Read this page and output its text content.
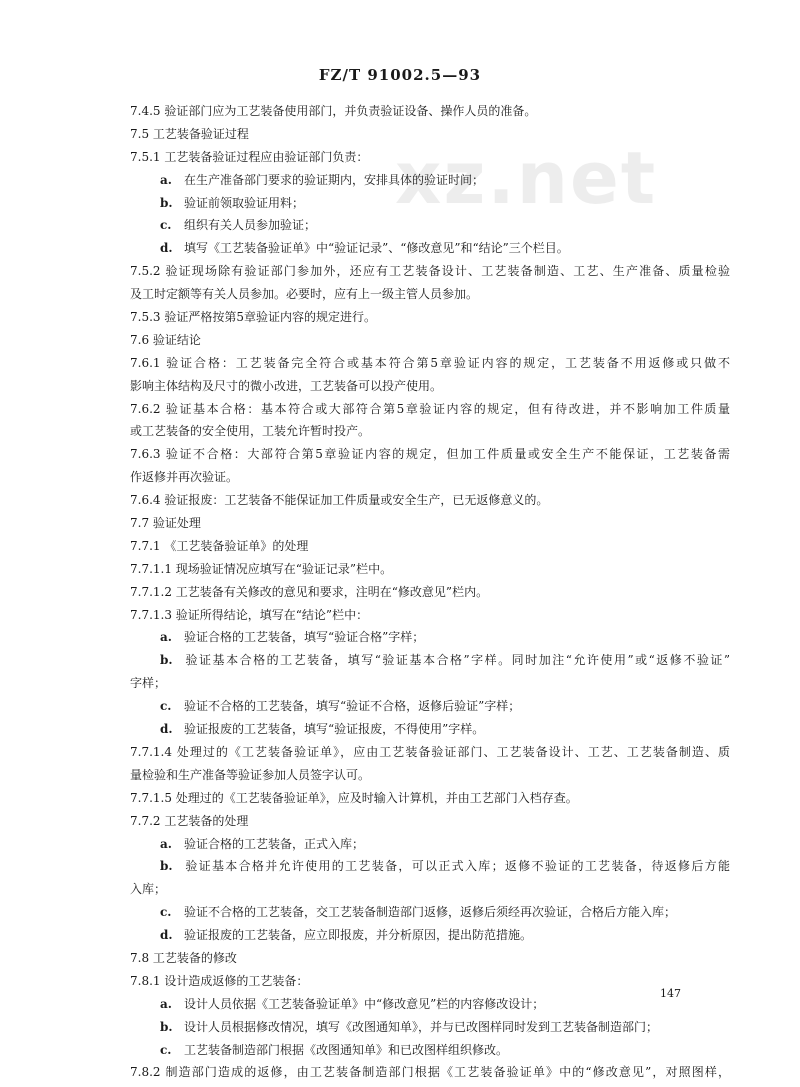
FZ/T 91002.5—93
xz.net
7.4.5 验证部门应为工艺装备使用部门，并负责验证设备、操作人员的准备。
7.5 工艺装备验证过程
7.5.1 工艺装备验证过程应由验证部门负责：
a. 在生产准备部门要求的验证期内，安排具体的验证时间；
b. 验证前领取验证用料；
c. 组织有关人员参加验证；
d. 填写《工艺装备验证单》中“验证记录”、“修改意见”和“结论”三个栏目。
7.5.2 验证现场除有验证部门参加外，还应有工艺装备设计、工艺装备制造、工艺、生产准备、质量检验
及工时定额等有关人员参加。必要时，应有上一级主管人员参加。
7.5.3 验证严格按第5章验证内容的规定进行。
7.6 验证结论
7.6.1 验证合格：工艺装备完全符合或基本符合第5章验证内容的规定，工艺装备不用返修或只做不
影响主体结构及尺寸的微小改进，工艺装备可以投产使用。
7.6.2 验证基本合格：基本符合或大部符合第5章验证内容的规定，但有待改进，并不影响加工件质量
或工艺装备的安全使用，工装允许暂时投产。
7.6.3 验证不合格：大部符合第5章验证内容的规定，但加工件质量或安全生产不能保证，工艺装备需
作返修并再次验证。
7.6.4 验证报废：工艺装备不能保证加工件质量或安全生产，已无返修意义的。
7.7 验证处理
7.7.1 《工艺装备验证单》的处理
7.7.1.1 现场验证情况应填写在“验证记录”栏中。
7.7.1.2 工艺装备有关修改的意见和要求，注明在“修改意见”栏内。
7.7.1.3 验证所得结论，填写在“结论”栏中：
a. 验证合格的工艺装备，填写“验证合格”字样；
b. 验证基本合格的工艺装备，填写“验证基本合格”字样。同时加注“允许使用”或“返修不验证”
字样；
c. 验证不合格的工艺装备，填写“验证不合格，返修后验证”字样；
d. 验证报废的工艺装备，填写“验证报废，不得使用”字样。
7.7.1.4 处理过的《工艺装备验证单》，应由工艺装备验证部门、工艺装备设计、工艺、工艺装备制造、质
量检验和生产准备等验证参加人员签字认可。
7.7.1.5 处理过的《工艺装备验证单》，应及时输入计算机，并由工艺部门入档存查。
7.7.2 工艺装备的处理
a. 验证合格的工艺装备，正式入库；
b. 验证基本合格并允许使用的工艺装备，可以正式入库；返修不验证的工艺装备，待返修后方能
入库；
c. 验证不合格的工艺装备，交工艺装备制造部门返修，返修后须经再次验证，合格后方能入库；
d. 验证报废的工艺装备，应立即报废，并分析原因，提出防范措施。
7.8 工艺装备的修改
7.8.1 设计造成返修的工艺装备：
a. 设计人员依据《工艺装备验证单》中“修改意见”栏的内容修改设计；
b. 设计人员根据修改情况，填写《改图通知单》，并与已改图样同时发到工艺装备制造部门；
c. 工艺装备制造部门根据《改图通知单》和已改图样组织修改。
7.8.2 制造部门造成的返修，由工艺装备制造部门根据《工艺装备验证单》中的“修改意见”，对照图样，
147
